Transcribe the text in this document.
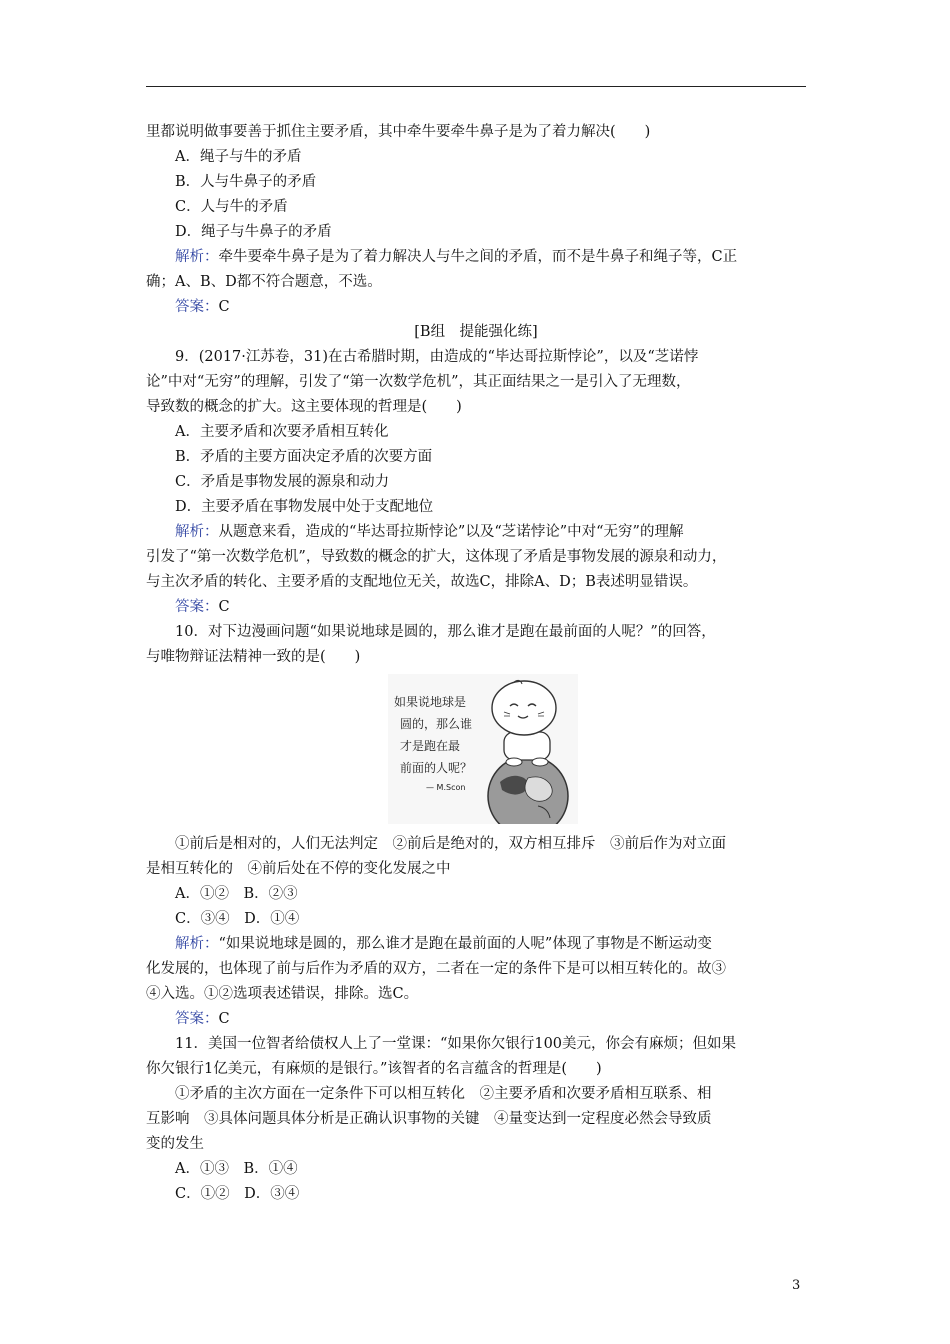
里都说明做事要善于抓住主要矛盾，其中牵牛要牵牛鼻子是为了着力解决(　　)
A．绳子与牛的矛盾
B．人与牛鼻子的矛盾
C．人与牛的矛盾
D．绳子与牛鼻子的矛盾
解析：牵牛要牵牛鼻子是为了着力解决人与牛之间的矛盾，而不是牛鼻子和绳子等，C正
确；A、B、D都不符合题意，不选。
答案：C
[B组　提能强化练]
9．(2017·江苏卷，31)在古希腊时期，由造成的“毕达哥拉斯悖论”，以及“芝诺悖
论”中对“无穷”的理解，引发了“第一次数学危机”，其正面结果之一是引入了无理数，
导致数的概念的扩大。这主要体现的哲理是(　　)
A．主要矛盾和次要矛盾相互转化
B．矛盾的主要方面决定矛盾的次要方面
C．矛盾是事物发展的源泉和动力
D．主要矛盾在事物发展中处于支配地位
解析：从题意来看，造成的“毕达哥拉斯悖论”以及“芝诺悖论”中对“无穷”的理解
引发了“第一次数学危机”，导致数的概念的扩大，这体现了矛盾是事物发展的源泉和动力，
与主次矛盾的转化、主要矛盾的支配地位无关，故选C，排除A、D；B表述明显错误。
答案：C
10．对下边漫画问题“如果说地球是圆的，那么谁才是跑在最前面的人呢？”的回答，
与唯物辩证法精神一致的是(　　)
如果说地球是
圆的，那么谁
才是跑在最
前面的人呢？
— M.Scon
①前后是相对的，人们无法判定　②前后是绝对的，双方相互排斥　③前后作为对立面
是相互转化的　④前后处在不停的变化发展之中
A．①②　B．②③
C．③④　D．①④
解析：“如果说地球是圆的，那么谁才是跑在最前面的人呢”体现了事物是不断运动变
化发展的，也体现了前与后作为矛盾的双方，二者在一定的条件下是可以相互转化的。故③
④入选。①②选项表述错误，排除。选C。
答案：C
11．美国一位智者给债权人上了一堂课：“如果你欠银行100美元，你会有麻烦；但如果
你欠银行1亿美元，有麻烦的是银行。”该智者的名言蕴含的哲理是(　　)
①矛盾的主次方面在一定条件下可以相互转化　②主要矛盾和次要矛盾相互联系、相
互影响　③具体问题具体分析是正确认识事物的关键　④量变达到一定程度必然会导致质
变的发生
A．①③　B．①④
C．①②　D．③④
3
